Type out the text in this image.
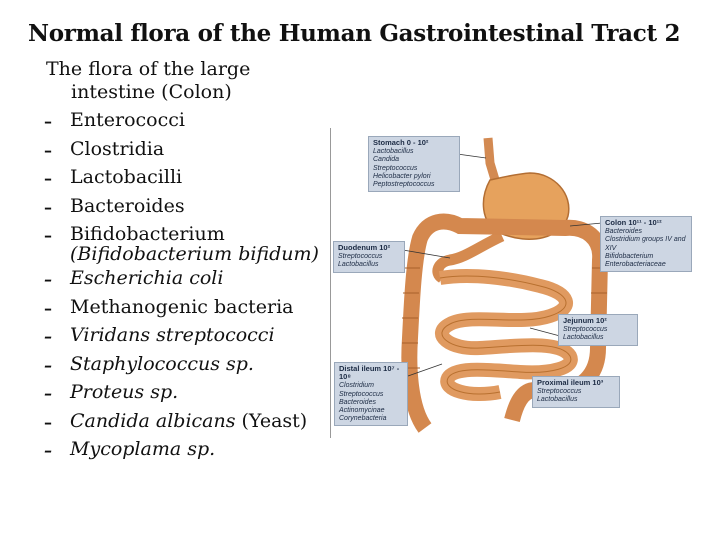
Normal flora of the Human Gastrointestinal Tract 2
The flora of the large
intestine (Colon)
– Enterococci
– Clostridia
– Lactobacilli
– Bacteroides
– Bifidobacterium
(Bifidobacterium bifidum)
– Escherichia coli
– Methanogenic bacteria
– Viridans streptococci
– Staphylococcus sp.
– Proteus sp.
– Candida albicans (Yeast)
– Mycoplama sp.
Stomach 0 - 10²
Lactobacillus
Candida
Streptococcus
Helicobacter pylori
Peptostreptococcus
Colon 10¹¹ - 10¹²
Bacteroides
Clostridium groups IV and XIV
Bifidobacterium
Enterobacteriaceae
Duodenum 10²
Streptococcus
Lactobacillus
Jejunum 10²
Streptococcus
Lactobacillus
Distal ileum 10⁷ - 10⁸
Clostridium
Streptococcus
Bacteroides
Actinomycinae
Corynebacteria
Proximal ileum 10³
Streptococcus
Lactobacillus
